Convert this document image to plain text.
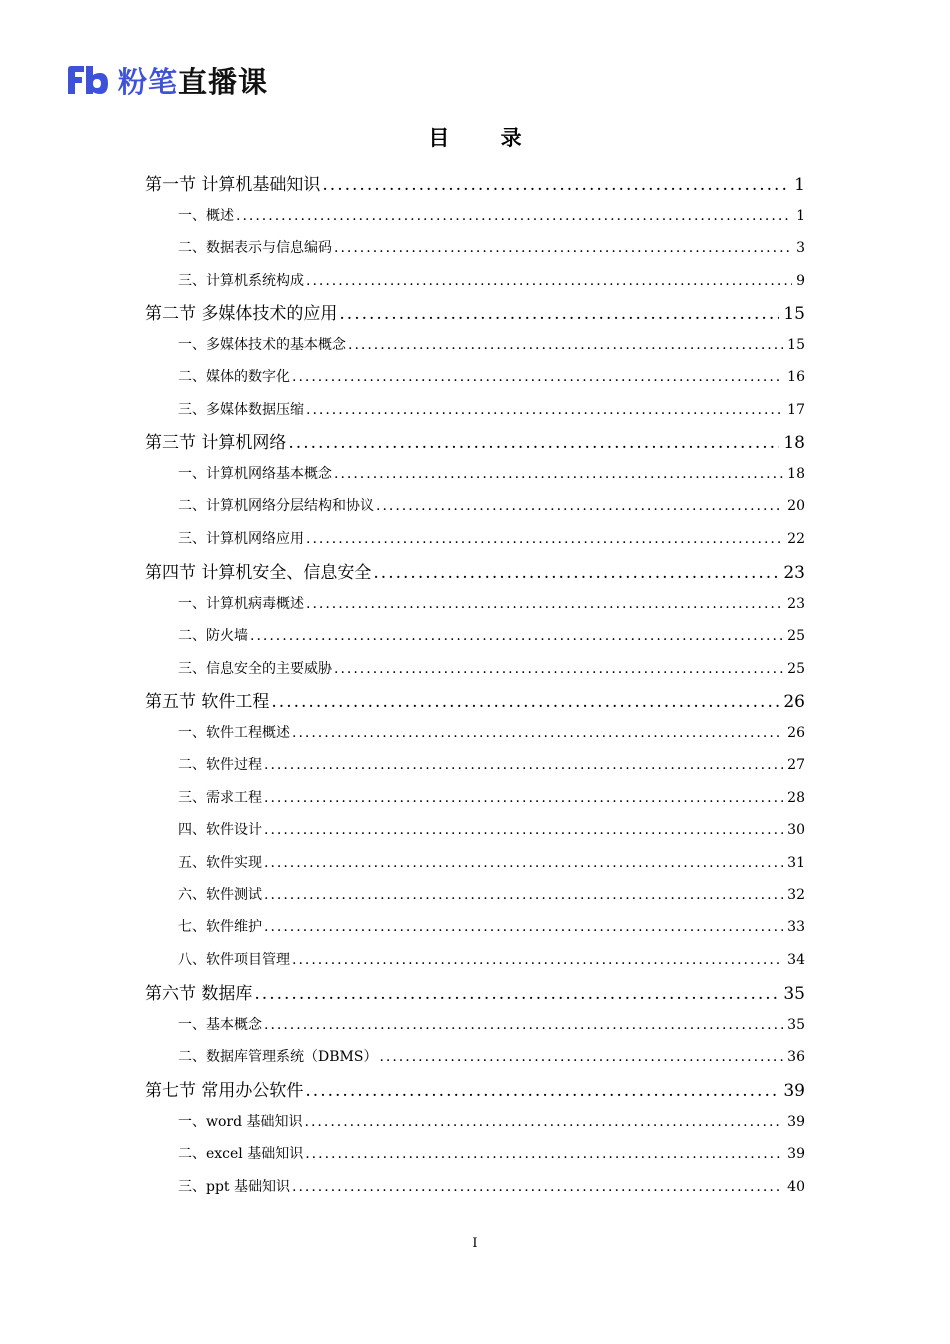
粉笔 直播课
目 录
第一节 计算机基础知识 .....	1
一、概述 .....	1
二、数据表示与信息编码 .....	3
三、计算机系统构成 .....	9
第二节 多媒体技术的应用 .....	15
一、多媒体技术的基本概念 .....	15
二、媒体的数字化 .....	16
三、多媒体数据压缩 .....	17
第三节 计算机网络 .....	18
一、计算机网络基本概念 .....	18
二、计算机网络分层结构和协议 .....	20
三、计算机网络应用 .....	22
第四节 计算机安全、信息安全 .....	23
一、计算机病毒概述 .....	23
二、防火墙 .....	25
三、信息安全的主要威胁 .....	25
第五节 软件工程 .....	26
一、软件工程概述 .....	26
二、软件过程 .....	27
三、需求工程 .....	28
四、软件设计 .....	30
五、软件实现 .....	31
六、软件测试 .....	32
七、软件维护 .....	33
八、软件项目管理 .....	34
第六节 数据库 .....	35
一、基本概念 .....	35
二、数据库管理系统（DBMS） .....	36
第七节 常用办公软件 .....	39
一、word 基础知识 .....	39
二、excel 基础知识 .....	39
三、ppt 基础知识 .....	40
I
